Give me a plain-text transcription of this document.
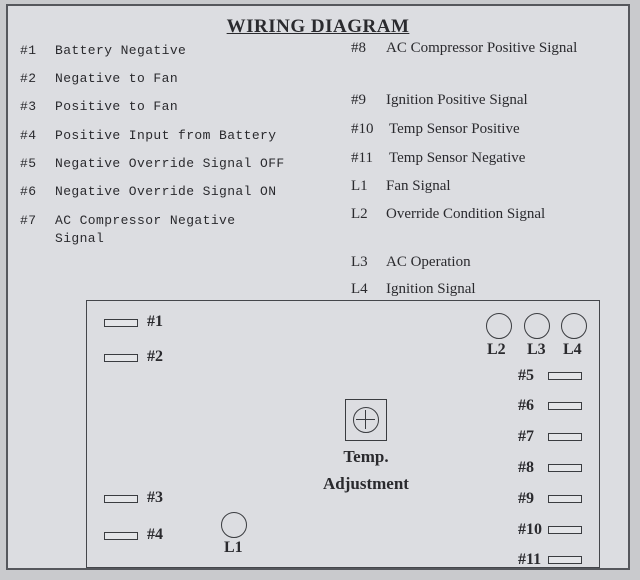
WIRING DIAGRAM
#1 Battery Negative
#2 Negative to Fan
#3 Positive to Fan
#4 Positive Input from Battery
#5 Negative Override Signal OFF
#6 Negative Override Signal ON
#7 AC Compressor Negative Signal
#8 AC Compressor Positive Signal
#9 Ignition Positive Signal
#10 Temp Sensor Positive
#11 Temp Sensor Negative
L1 Fan Signal
L2 Override Condition Signal
L3 AC Operation
L4 Ignition Signal
#1
#2
#3
#4
L1
Temp.
Adjustment
L2 L3 L4
#5
#6
#7
#8
#9
#10
#11
